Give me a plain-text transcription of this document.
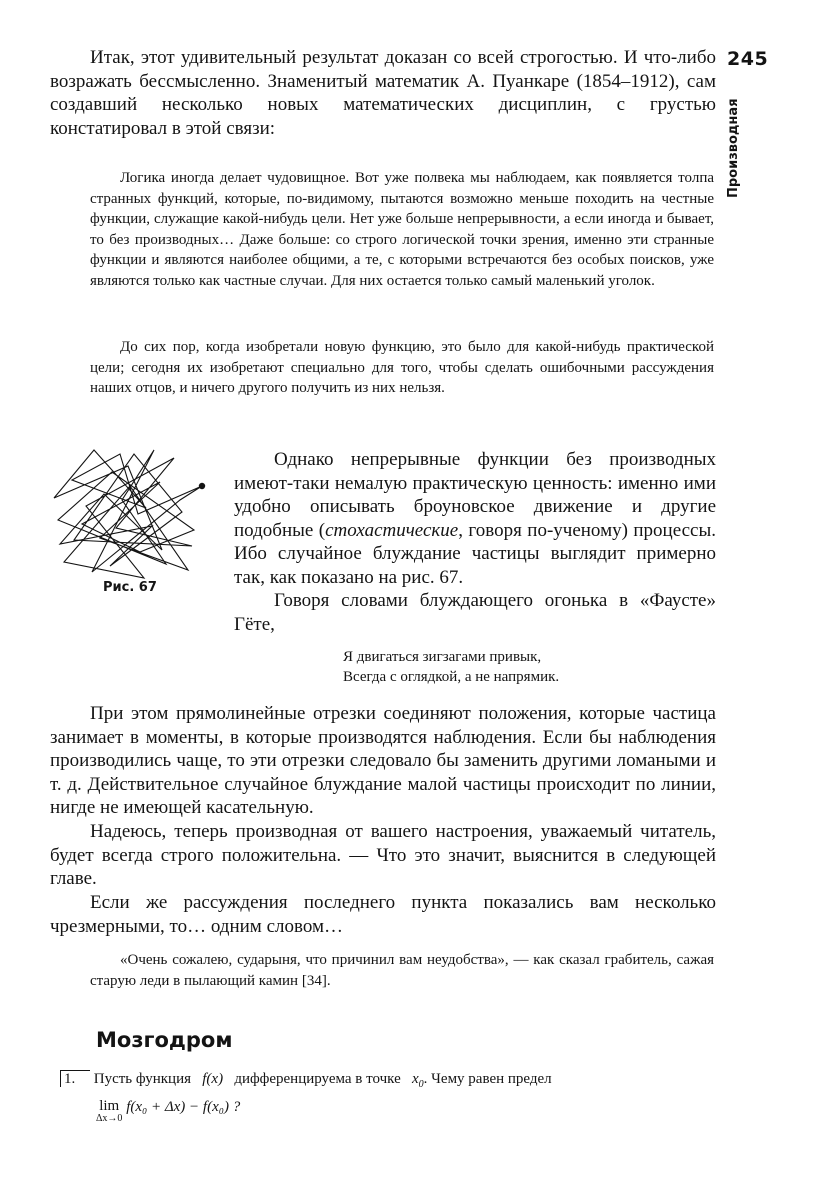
245
Производная

Итак, этот удивительный результат доказан со всей строгостью. И что-либо возражать бессмысленно. Знаменитый математик А. Пуанкаре (1854–1912), сам создавший несколько новых математических дисциплин, с грустью констатировал в этой связи:

Логика иногда делает чудовищное. Вот уже полвека мы наблюдаем, как появляется толпа странных функций, которые, по-видимому, пытаются возможно меньше походить на честные функции, служащие какой-нибудь цели. Нет уже больше непрерывности, а если иногда и бывает, то без производных… Даже больше: со строго логической точки зрения, именно эти странные функции и являются наиболее общими, а те, с которыми встречаются без особых поисков, уже являются только как частные случаи. Для них остается только самый маленький уголок.

До сих пор, когда изобретали новую функцию, это было для какой-нибудь практической цели; сегодня их изобретают специально для того, чтобы сделать ошибочными рассуждения наших отцов, и ничего другого получить из них нельзя.

Рис. 67

Однако непрерывные функции без производных имеют-таки немалую практическую ценность: именно ими удобно описывать броуновское движение и другие подобные (стохастические, говоря по-ученому) процессы. Ибо случайное блуждание частицы выглядит примерно так, как показано на рис. 67.

Говоря словами блуждающего огонька в «Фаусте» Гёте,

Я двигаться зигзагами привык,
Всегда с оглядкой, а не напрямик.

При этом прямолинейные отрезки соединяют положения, которые частица занимает в моменты, в которые производятся наблюдения. Если бы наблюдения производились чаще, то эти отрезки следовало бы заменить другими ломаными и т. д. Действительное случайное блуждание малой частицы происходит по линии, нигде не имеющей касательную.

Надеюсь, теперь производная от вашего настроения, уважаемый читатель, будет всегда строго положительна. — Что это значит, выяснится в следующей главе.

Если же рассуждения последнего пункта показались вам несколько чрезмерными, то… одним словом…

«Очень сожалею, сударыня, что причинил вам неудобства», — как сказал грабитель, сажая старую леди в пылающий камин [34].

Мозгодром
1. Пусть функция f(x) дифференцируема в точке $x_0$. Чему равен предел
lim
Δx→0
f(x₀ + Δx) − f(x₀) ?
